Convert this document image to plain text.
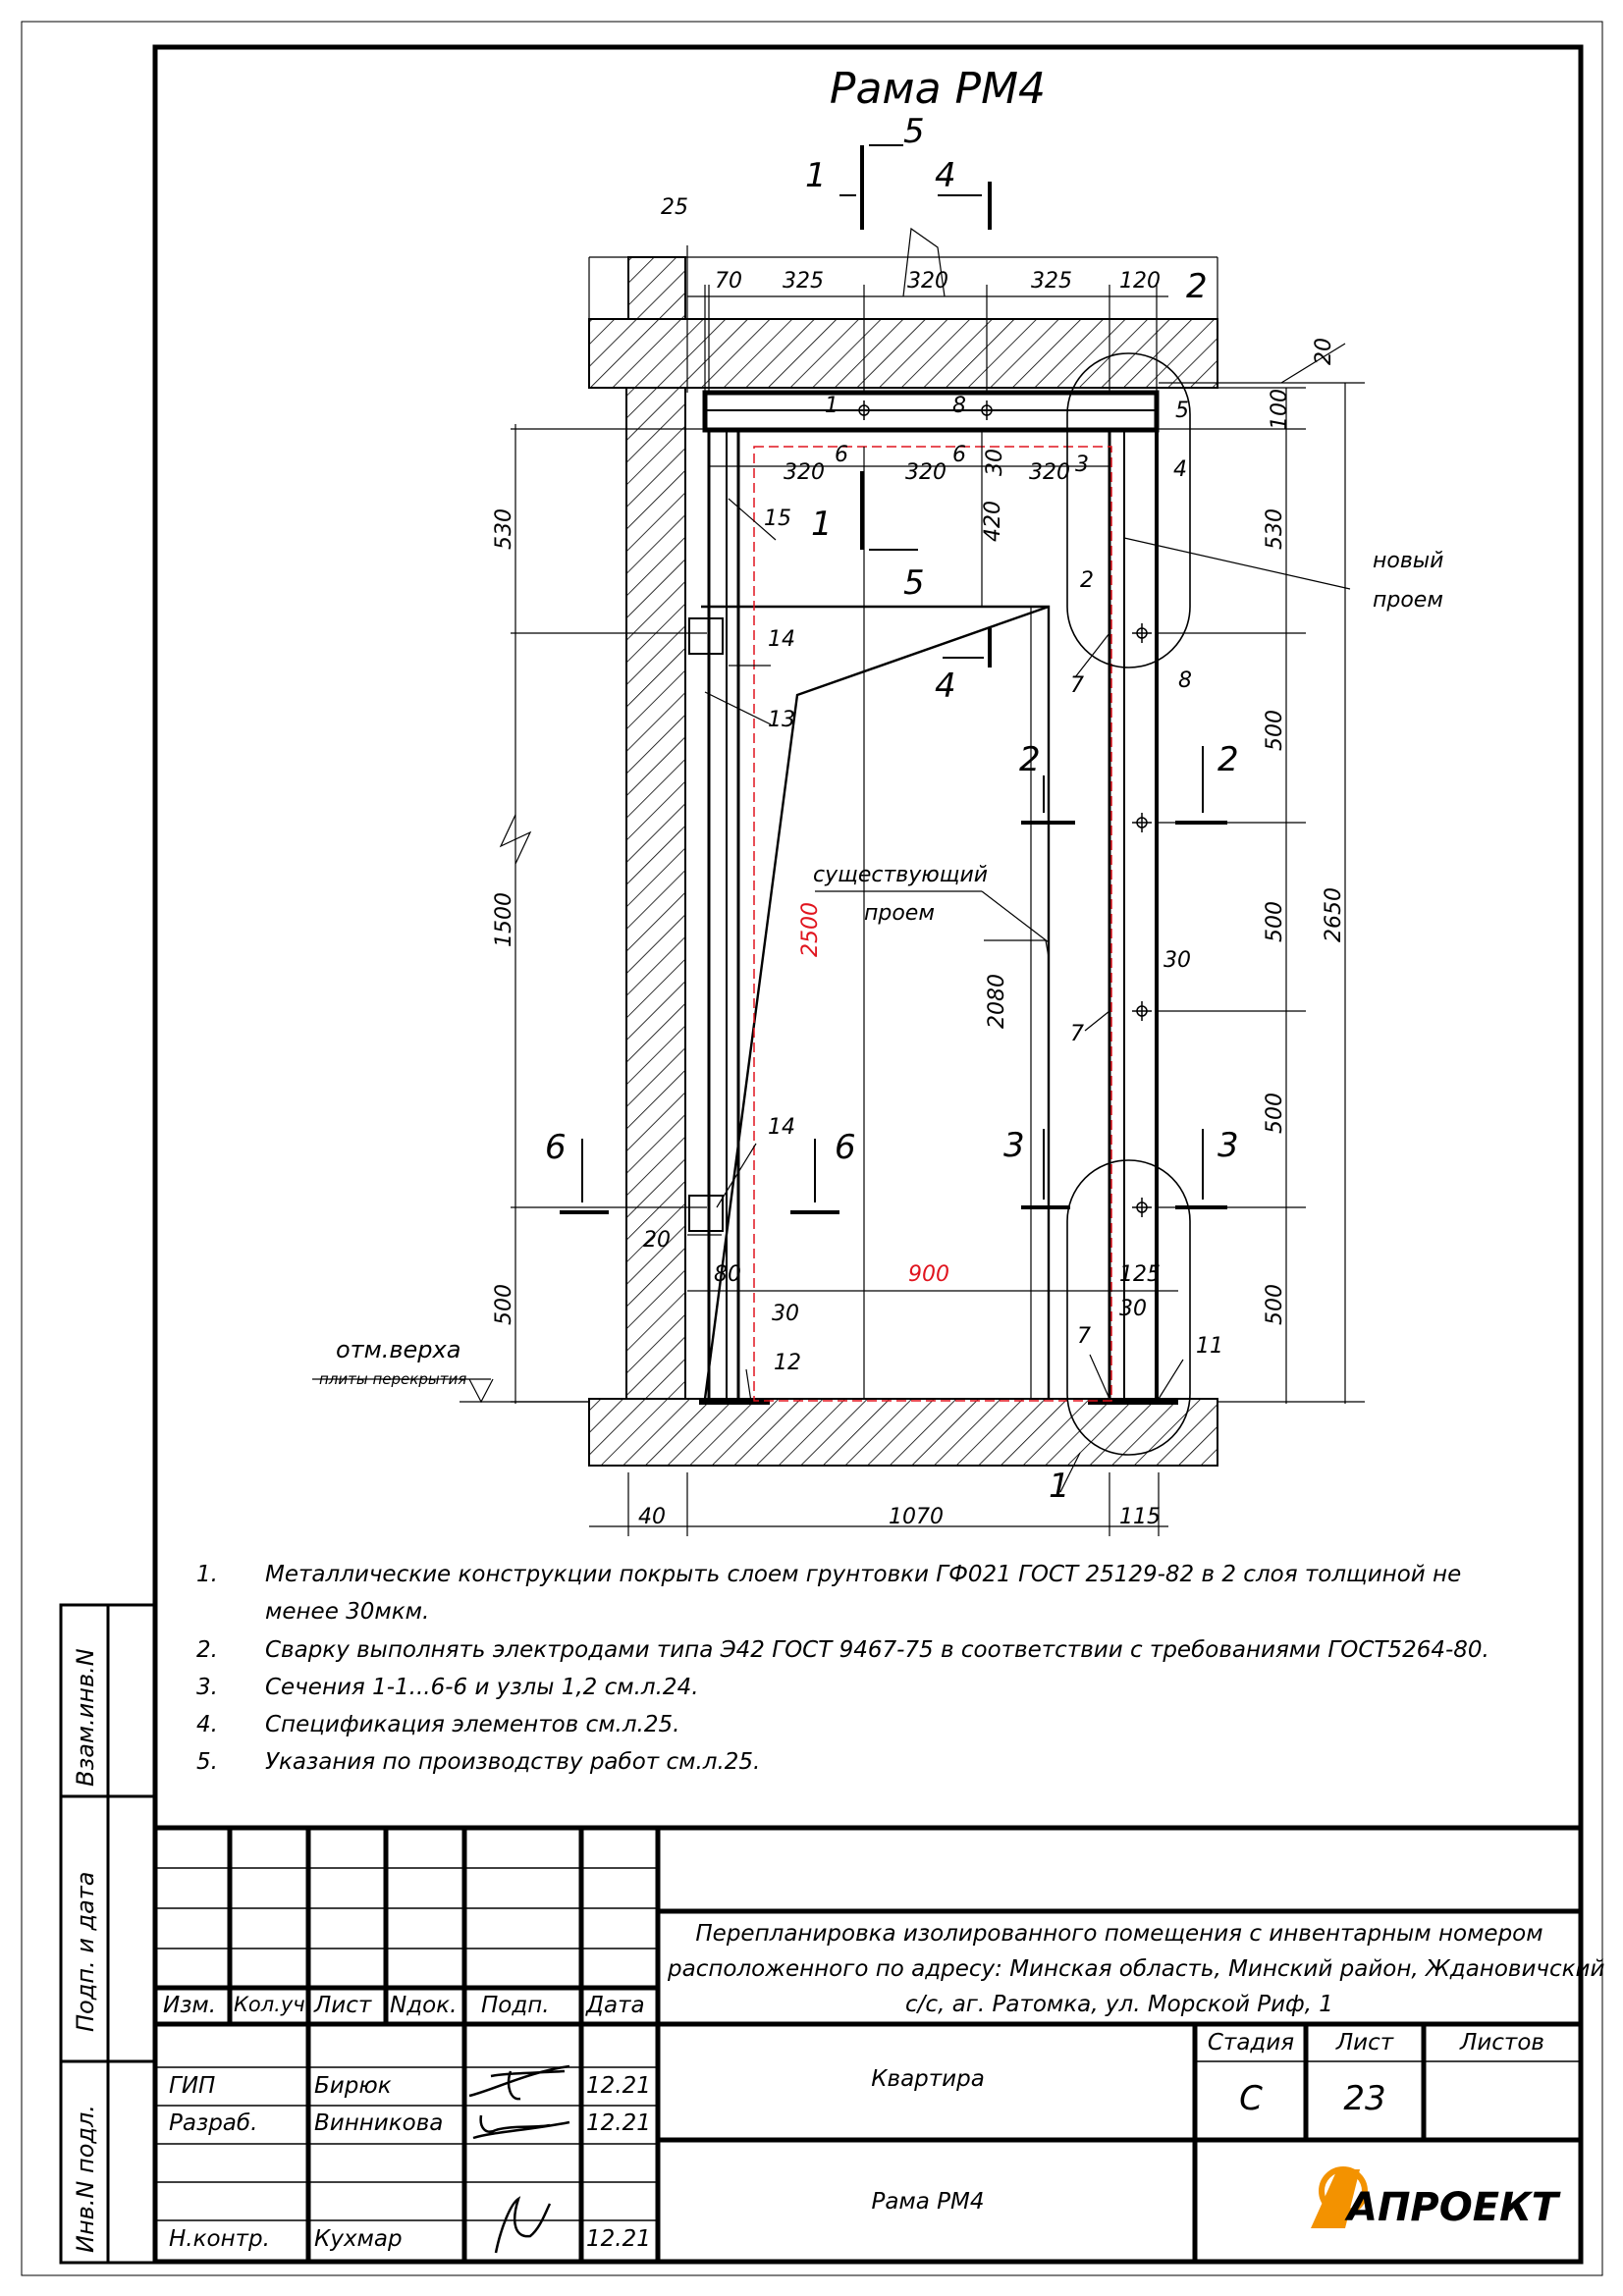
Рама РМ4
25
70 325	320	325 120
20
100
320	320	320
30
420
530
1500
500
530
500
500
500
500
2650
40	1070	115
20
80
30
125
30
900
2500
2080
30
1
5
4
1
5
4
2	2
3	3
6	6
1
2
1
2
3	4
5
6	6
7
7
7
8
8
11
12
13
14
14
15
новый
проем
существующий
проем
отм.верха
плиты перекрытия
Взам.инв.N
Подп. и дата
Инв.N подл.	АПРОЕКТ
1. Металлические конструкции покрыть слоем грунтовки ГФ021 ГОСТ 25129-82 в 2 слоя толщиной не менее 30мкм.
2. Сварку выполнять электродами типа Э42 ГОСТ 9467-75 в соответствии с требованиями ГОСТ5264-80.
3. Сечения 1-1...6-6 и узлы 1,2 см.л.24.
4. Спецификация элементов см.л.25.
5. Указания по производству работ см.л.25.
Изм. Кол.уч. Лист Nдок. Подп. Дата
ГИП	Бирюк	12.21
Разраб.	Винникова	12.21
Н.контр. Кухмар	12.21
Перепланировка изолированного помещения с инвентарным номером
расположенного по адресу: Минская область, Минский район, Ждановичский
с/с, аг. Ратомка, ул. Морской Риф, 1
Квартира
Рама РМ4
Стадия	Лист	Листов
С	23
